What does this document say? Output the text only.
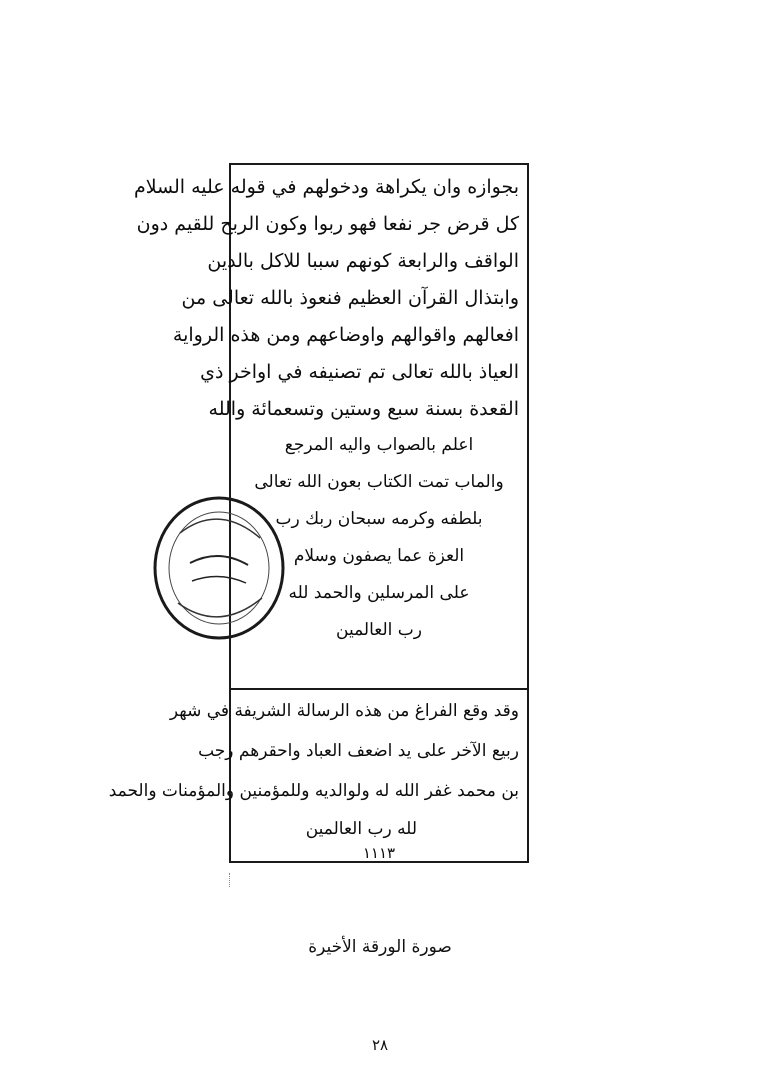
بجوازه وان يكراهة ودخولهم في قوله عليه السلام
كل قرض جر نفعا فهو ربوا وكون الربح للقيم دون
الواقف والرابعة كونهم سببا للاكل بالدين
وابتذال القرآن العظيم فنعوذ بالله تعالى من
افعالهم واقوالهم واوضاعهم ومن هذه الرواية
العياذ بالله تعالى تم تصنيفه في اواخر ذي
القعدة بسنة سبع وستين وتسعمائة والله
اعلم بالصواب واليه المرجع
والماب تمت الكتاب بعون الله تعالى
بلطفه وكرمه سبحان ربك رب
العزة عما يصفون وسلام
على المرسلين والحمد لله
رب العالمين
وقد وقع الفراغ من هذه الرسالة الشريفة في شهر
ربيع الآخر على يد اضعف العباد واحقرهم رجب
بن محمد غفر الله له ولوالديه وللمؤمنين والمؤمنات والحمد
لله رب العالمين
١١١٣
صورة الورقة الأخيرة
٢٨
